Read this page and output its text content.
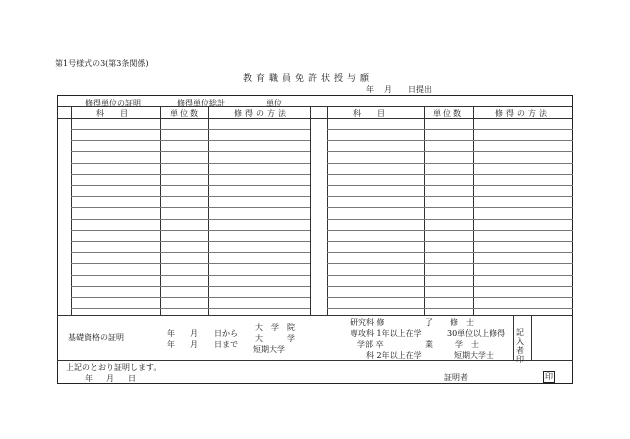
第1号様式の3(第3条関係)
教育職員免許状授与願
年 月 日提出
修得単位の証明	修得単位総計	単位
科　　目	単位数	修得の方法	科　　目	単位数	修得の方法
基礎資格の証明	年 月 日から
年 月 日まで
大　学　院
大　　　学
短期大学
研究科 修	了 修　士
専攻科 1年以上在学	30単位以上修得
学部 卒	業	学　士
科 2年以上在学	短期大学士
記入者印
上記のとおり証明します。
年 月 日	証明者	印
